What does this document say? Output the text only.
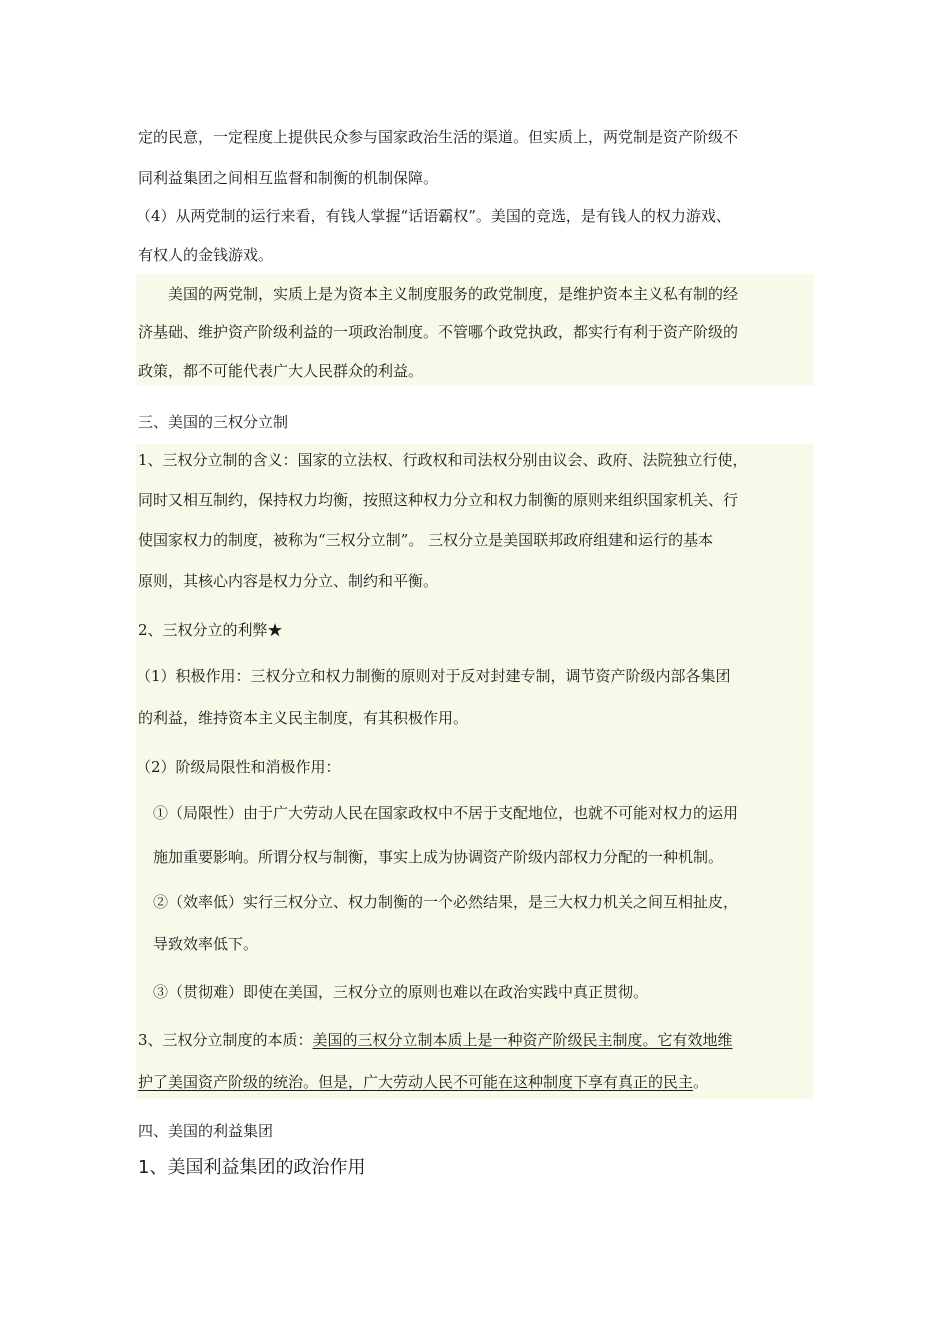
定的民意，一定程度上提供民众参与国家政治生活的渠道。但实质上，两党制是资产阶级不
同利益集团之间相互监督和制衡的机制保障。
（4）从两党制的运行来看，有钱人掌握“话语霸权”。美国的竞选，是有钱人的权力游戏、
有权人的金钱游戏。
　　美国的两党制，实质上是为资本主义制度服务的政党制度，是维护资本主义私有制的经
济基础、维护资产阶级利益的一项政治制度。不管哪个政党执政，都实行有利于资产阶级的
政策，都不可能代表广大人民群众的利益。
三、美国的三权分立制
1、三权分立制的含义：国家的立法权、行政权和司法权分别由议会、政府、法院独立行使，
同时又相互制约，保持权力均衡，按照这种权力分立和权力制衡的原则来组织国家机关、行
使国家权力的制度，被称为“三权分立制”。 三权分立是美国联邦政府组建和运行的基本
原则，其核心内容是权力分立、制约和平衡。
2、三权分立的利弊★
（1）积极作用：三权分立和权力制衡的原则对于反对封建专制，调节资产阶级内部各集团
的利益，维持资本主义民主制度，有其积极作用。
（2）阶级局限性和消极作用：
①（局限性）由于广大劳动人民在国家政权中不居于支配地位，也就不可能对权力的运用
施加重要影响。所谓分权与制衡，事实上成为协调资产阶级内部权力分配的一种机制。
②（效率低）实行三权分立、权力制衡的一个必然结果，是三大权力机关之间互相扯皮，
导致效率低下。
③（贯彻难）即使在美国，三权分立的原则也难以在政治实践中真正贯彻。
3、三权分立制度的本质：美国的三权分立制本质上是一种资产阶级民主制度。它有效地维
护了美国资产阶级的统治。但是，广大劳动人民不可能在这种制度下享有真正的民主。
四、美国的利益集团
1、美国利益集团的政治作用
